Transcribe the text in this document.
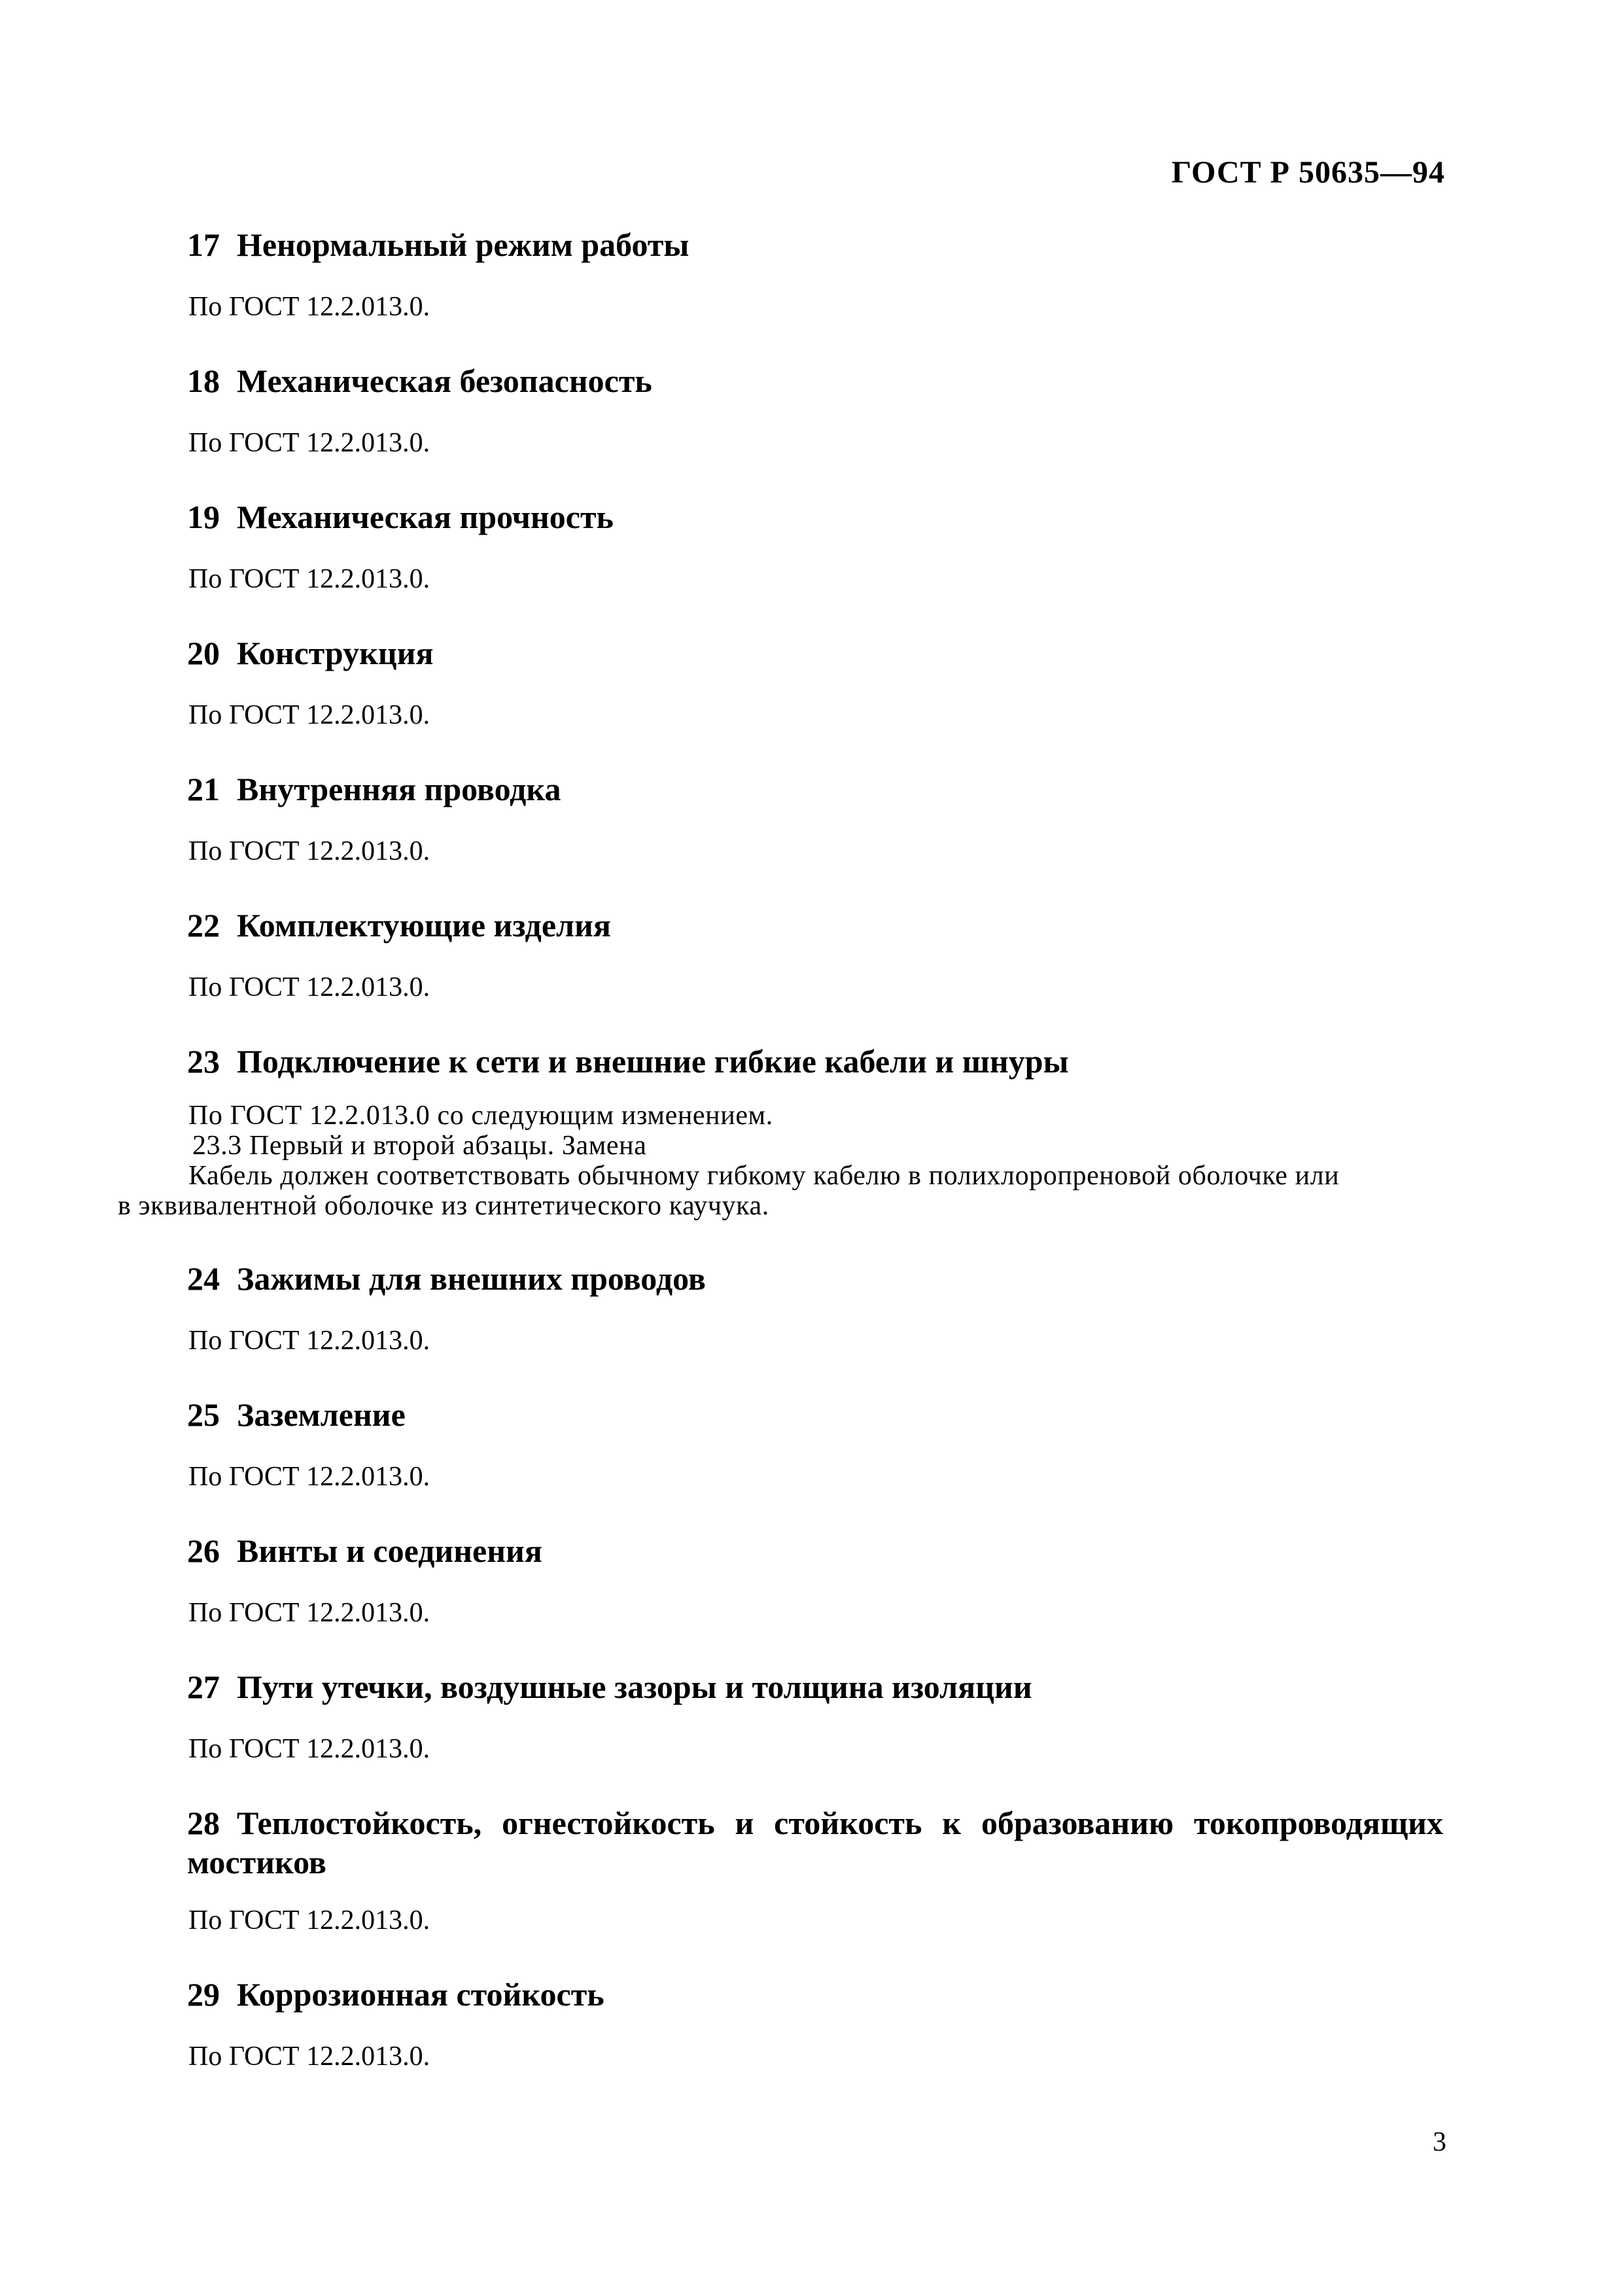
ГОСТ Р 50635—94

17 Ненормальный режим работы

По ГОСТ 12.2.013.0.

18 Механическая безопасность

По ГОСТ 12.2.013.0.

19 Механическая прочность

По ГОСТ 12.2.013.0.

20 Конструкция

По ГОСТ 12.2.013.0.

21 Внутренняя проводка

По ГОСТ 12.2.013.0.

22 Комплектующие изделия

По ГОСТ 12.2.013.0.

23 Подключение к сети и внешние гибкие кабели и шнуры

По ГОСТ 12.2.013.0 со следующим изменением.

23.3 Первый и второй абзацы. Замена

Кабель должен соответствовать обычному гибкому кабелю в полихлоропреновой оболочке или

в эквивалентной оболочке из синтетического каучука.

24 Зажимы для внешних проводов

По ГОСТ 12.2.013.0.

25 Заземление

По ГОСТ 12.2.013.0.

26 Винты и соединения

По ГОСТ 12.2.013.0.

27 Пути утечки, воздушные зазоры и толщина изоляции

По ГОСТ 12.2.013.0.

28 Теплостойкость, огнестойкость и стойкость к образованию токопроводящих мостиков

По ГОСТ 12.2.013.0.

29 Коррозионная стойкость

По ГОСТ 12.2.013.0.

3
